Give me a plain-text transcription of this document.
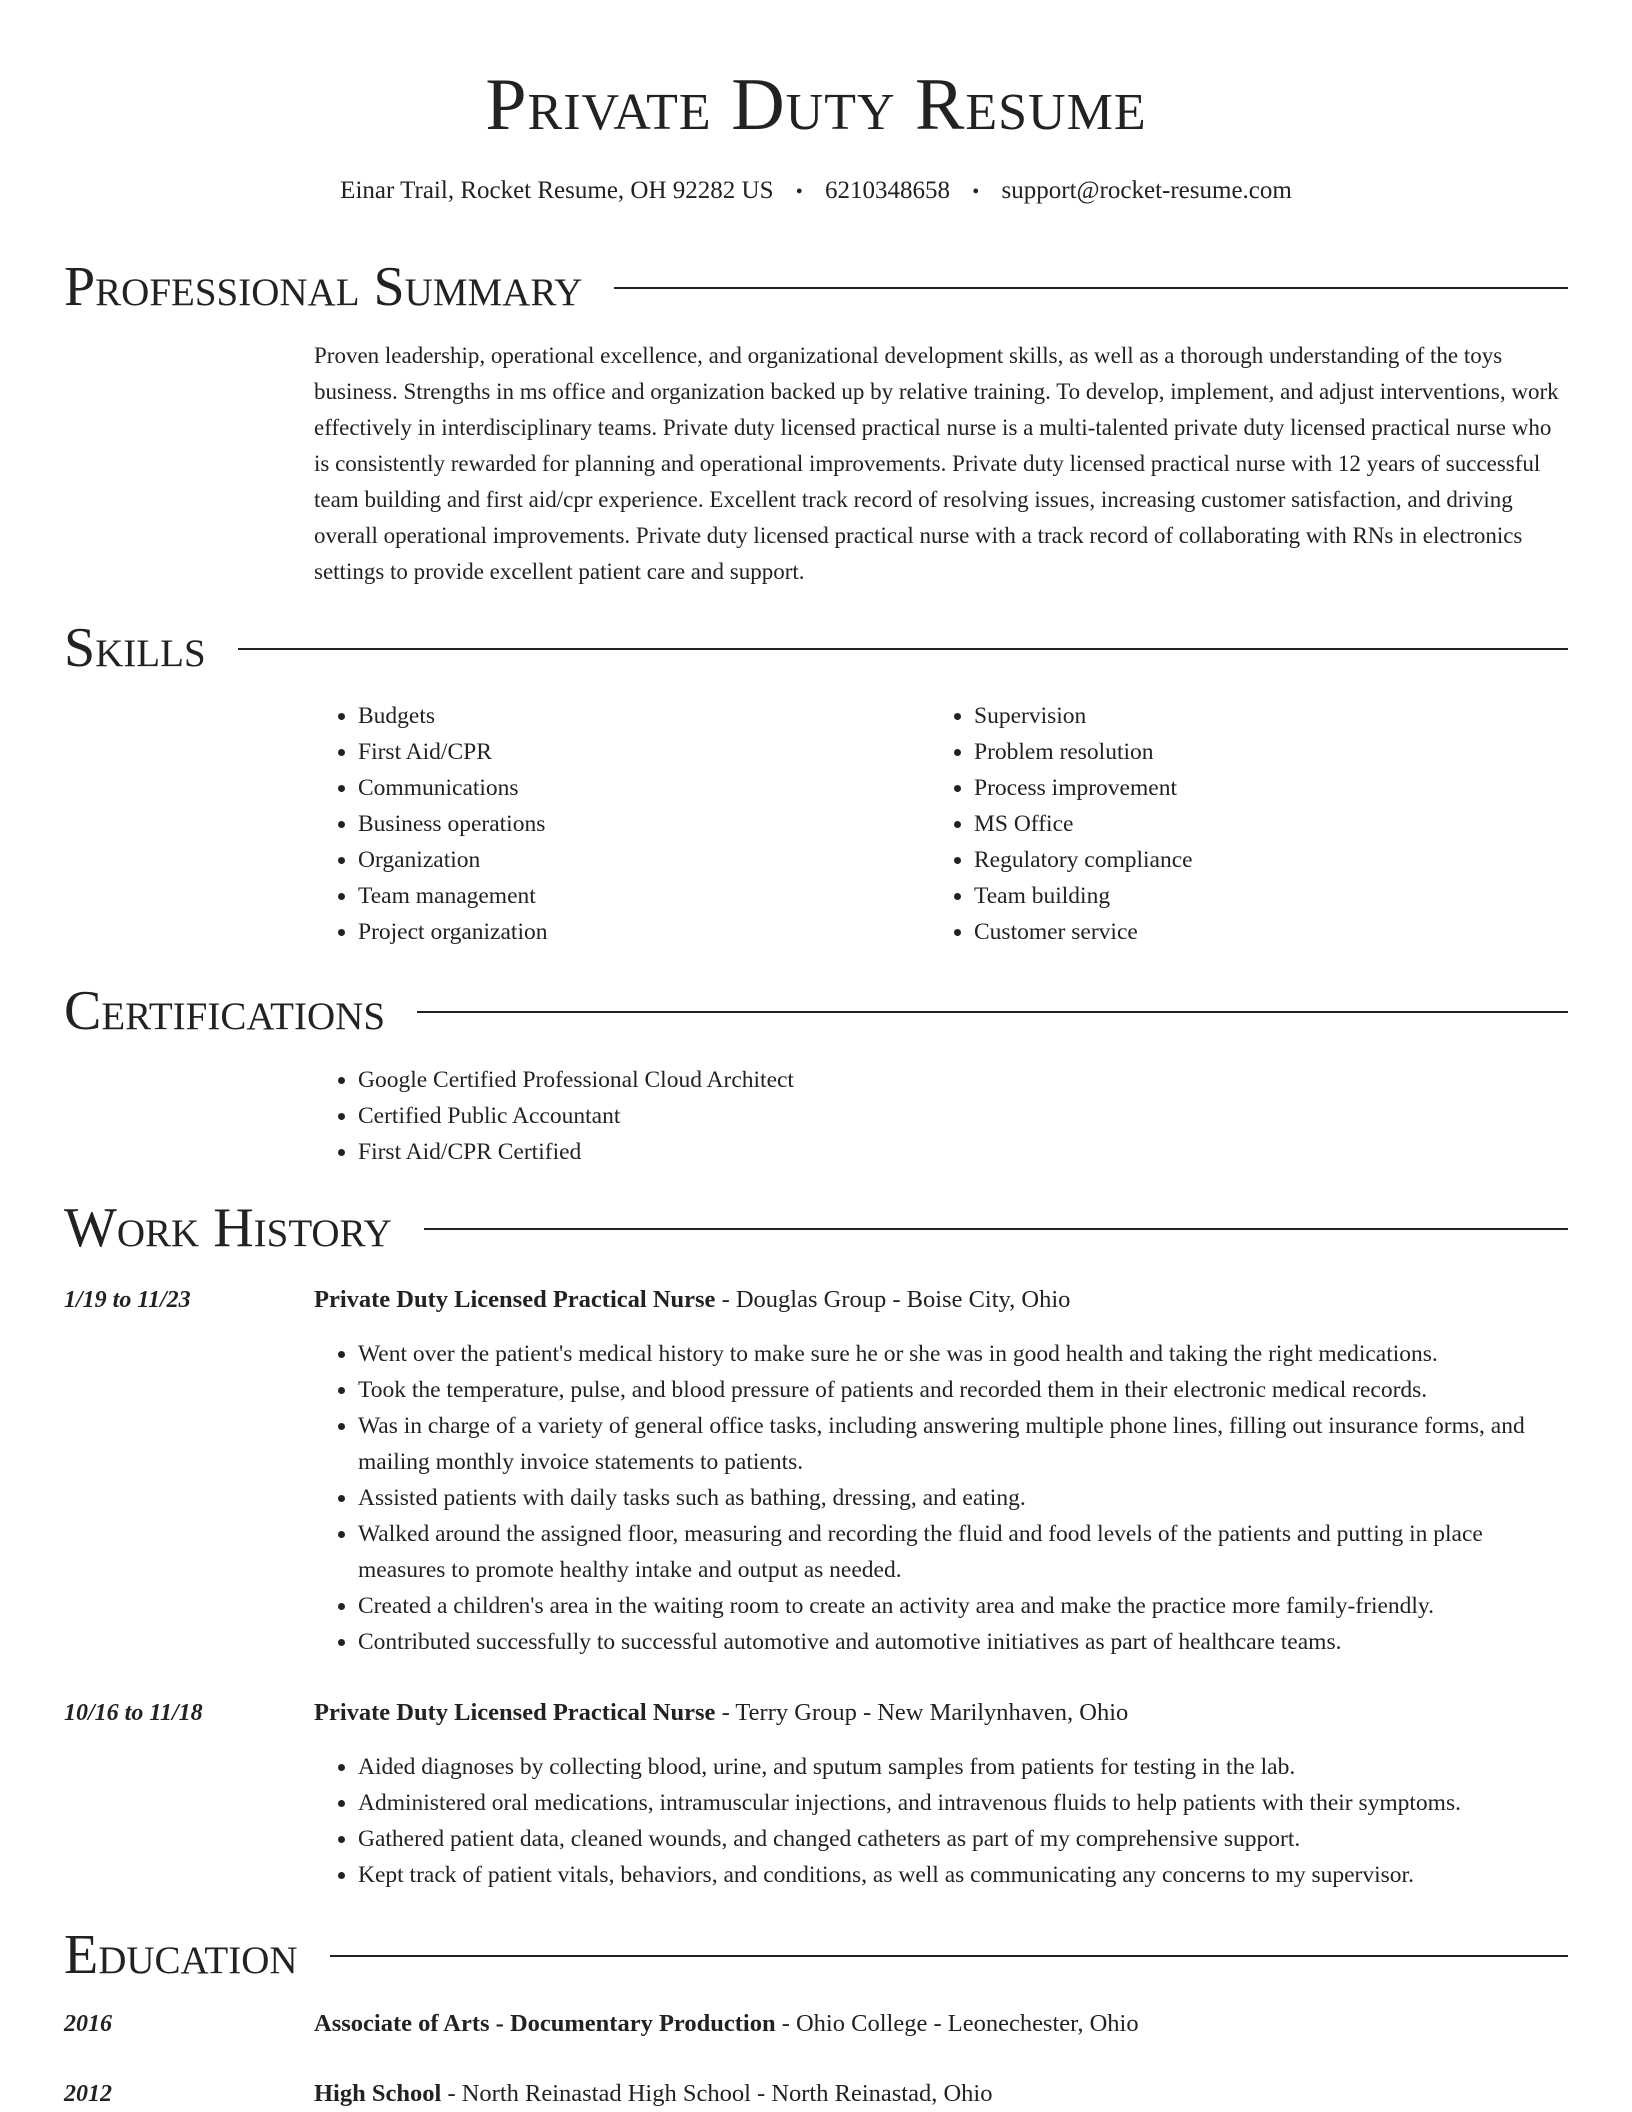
Private Duty Resume
Einar Trail, Rocket Resume, OH 92282 US • 6210348658 • support@rocket-resume.com
Professional Summary

Proven leadership, operational excellence, and organizational development skills, as well as a thorough understanding of the toys business. Strengths in ms office and organization backed up by relative training. To develop, implement, and adjust interventions, work effectively in interdisciplinary teams. Private duty licensed practical nurse is a multi-talented private duty licensed practical nurse who is consistently rewarded for planning and operational improvements. Private duty licensed practical nurse with 12 years of successful team building and first aid/cpr experience. Excellent track record of resolving issues, increasing customer satisfaction, and driving overall operational improvements. Private duty licensed practical nurse with a track record of collaborating with RNs in electronics settings to provide excellent patient care and support.

Skills
• Budgets
• First Aid/CPR
• Communications
• Business operations
• Organization
• Team management
• Project organization
• Supervision
• Problem resolution
• Process improvement
• MS Office
• Regulatory compliance
• Team building
• Customer service
Certifications
• Google Certified Professional Cloud Architect
• Certified Public Accountant
• First Aid/CPR Certified
Work History
1/19 to 11/23	Private Duty Licensed Practical Nurse - Douglas Group - Boise City, Ohio
• Went over the patient's medical history to make sure he or she was in good health and taking the right medications.
• Took the temperature, pulse, and blood pressure of patients and recorded them in their electronic medical records.
• Was in charge of a variety of general office tasks, including answering multiple phone lines, filling out insurance forms, and mailing monthly invoice statements to patients.
• Assisted patients with daily tasks such as bathing, dressing, and eating.
• Walked around the assigned floor, measuring and recording the fluid and food levels of the patients and putting in place measures to promote healthy intake and output as needed.
• Created a children's area in the waiting room to create an activity area and make the practice more family-friendly.
• Contributed successfully to successful automotive and automotive initiatives as part of healthcare teams.
10/16 to 11/18	Private Duty Licensed Practical Nurse - Terry Group - New Marilynhaven, Ohio
• Aided diagnoses by collecting blood, urine, and sputum samples from patients for testing in the lab.
• Administered oral medications, intramuscular injections, and intravenous fluids to help patients with their symptoms.
• Gathered patient data, cleaned wounds, and changed catheters as part of my comprehensive support.
• Kept track of patient vitals, behaviors, and conditions, as well as communicating any concerns to my supervisor.
Education
2016	Associate of Arts - Documentary Production - Ohio College - Leonechester, Ohio
2012	High School - North Reinastad High School - North Reinastad, Ohio
